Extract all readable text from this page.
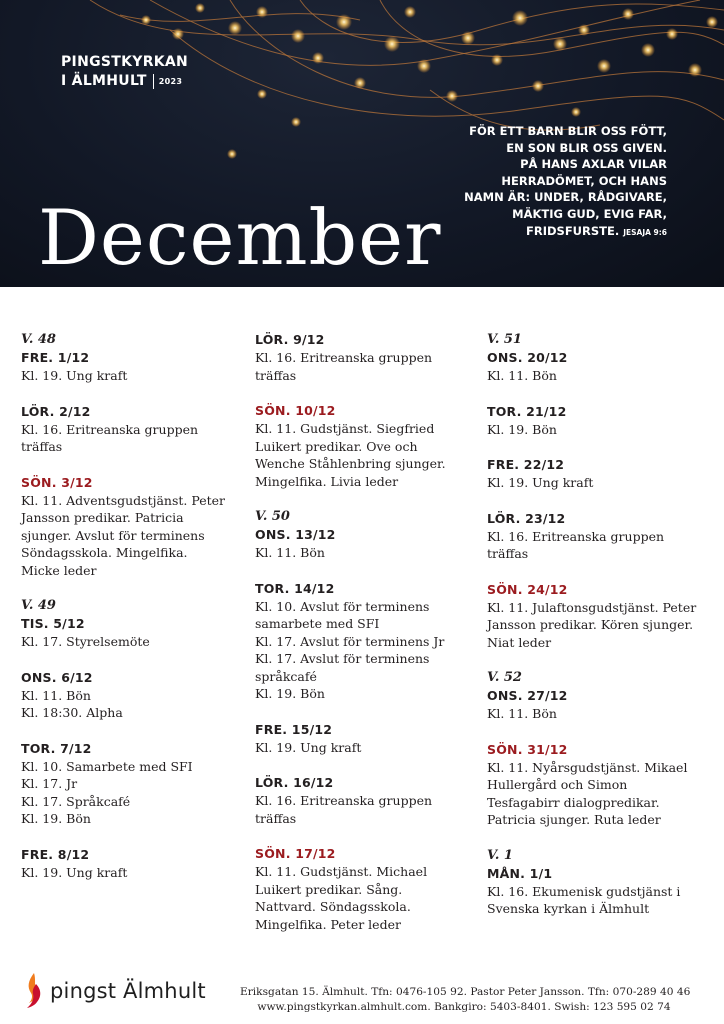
PINGSTKYRKAN
I ÄLMHULT 2023
FÖR ETT BARN BLIR OSS FÖTT,
EN SON BLIR OSS GIVEN.
PÅ HANS AXLAR VILAR
HERRADÖMET, OCH HANS
NAMN ÄR: UNDER, RÅDGIVARE,
MÄKTIG GUD, EVIG FAR,
FRIDSFURSTE. JESAJA 9:6
December
V. 48
FRE. 1/12
Kl. 19. Ung kraft
LÖR. 2/12
Kl. 16. Eritreanska gruppen
träffas
SÖN. 3/12
Kl. 11. Adventsgudstjänst. Peter
Jansson predikar. Patricia
sjunger. Avslut för terminens
Söndagsskola. Mingelfika.
Micke leder
V. 49
TIS. 5/12
Kl. 17. Styrelsemöte
ONS. 6/12
Kl. 11. Bön
Kl. 18:30. Alpha
TOR. 7/12
Kl. 10. Samarbete med SFI
Kl. 17. Jr
Kl. 17. Språkcafé
Kl. 19. Bön
FRE. 8/12
Kl. 19. Ung kraft
LÖR. 9/12
Kl. 16. Eritreanska gruppen
träffas
SÖN. 10/12
Kl. 11. Gudstjänst. Siegfried
Luikert predikar. Ove och
Wenche Ståhlenbring sjunger.
Mingelfika. Livia leder
V. 50
ONS. 13/12
Kl. 11. Bön
TOR. 14/12
Kl. 10. Avslut för terminens
samarbete med SFI
Kl. 17. Avslut för terminens Jr
Kl. 17. Avslut för terminens
språkcafé
Kl. 19. Bön
FRE. 15/12
Kl. 19. Ung kraft
LÖR. 16/12
Kl. 16. Eritreanska gruppen
träffas
SÖN. 17/12
Kl. 11. Gudstjänst. Michael
Luikert predikar. Sång.
Nattvard. Söndagsskola.
Mingelfika. Peter leder
V. 51
ONS. 20/12
Kl. 11. Bön
TOR. 21/12
Kl. 19. Bön
FRE. 22/12
Kl. 19. Ung kraft
LÖR. 23/12
Kl. 16. Eritreanska gruppen
träffas
SÖN. 24/12
Kl. 11. Julaftonsgudstjänst. Peter
Jansson predikar. Kören sjunger.
Niat leder
V. 52
ONS. 27/12
Kl. 11. Bön
SÖN. 31/12
Kl. 11. Nyårsgudstjänst. Mikael
Hullergård och Simon
Tesfagabirr dialogpredikar.
Patricia sjunger. Ruta leder
V. 1
MÅN. 1/1
Kl. 16. Ekumenisk gudstjänst i
Svenska kyrkan i Älmhult
pingst Älmhult	Eriksgatan 15. Älmhult. Tfn: 0476-105 92. Pastor Peter Jansson. Tfn: 070-289 40 46
www.pingstkyrkan.almhult.com. Bankgiro: 5403-8401. Swish: 123 595 02 74
